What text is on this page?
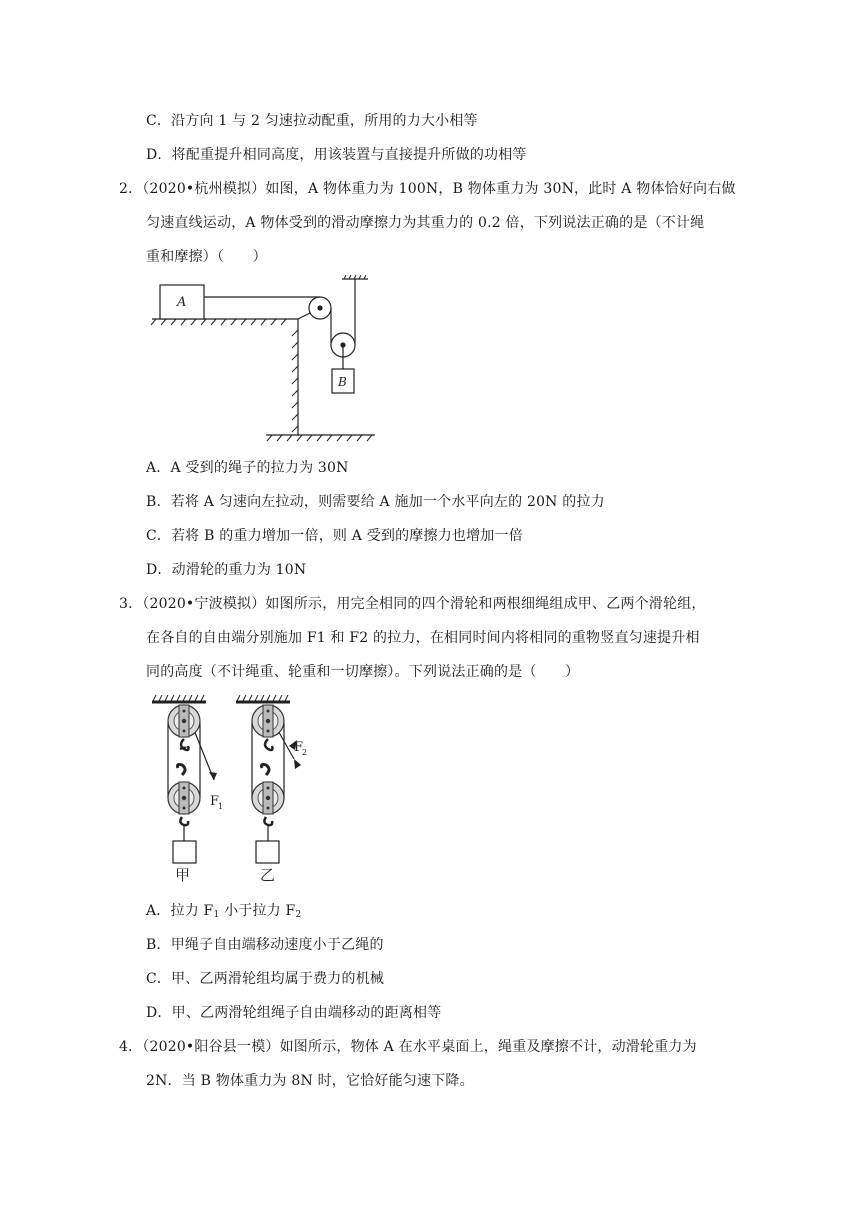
C．沿方向 1 与 2 匀速拉动配重，所用的力大小相等
D．将配重提升相同高度，用该装置与直接提升所做的功相等
2．（2020•杭州模拟）如图，A 物体重力为 100N，B 物体重力为 30N，此时 A 物体恰好向右做
匀速直线运动，A 物体受到的滑动摩擦力为其重力的 0.2 倍，下列说法正确的是（不计绳
重和摩擦）（　　）
A
B
A．A 受到的绳子的拉力为 30N
B．若将 A 匀速向左拉动，则需要给 A 施加一个水平向左的 20N 的拉力
C．若将 B 的重力增加一倍，则 A 受到的摩擦力也增加一倍
D．动滑轮的重力为 10N
3．（2020•宁波模拟）如图所示，用完全相同的四个滑轮和两根细绳组成甲、乙两个滑轮组，
在各自的自由端分别施加 F1 和 F2 的拉力，在相同时间内将相同的重物竖直匀速提升相
同的高度（不计绳重、轮重和一切摩擦）。下列说法正确的是（　　）
F
1
F
2
甲	乙
A．拉力 $F_1$ 小于拉力 $F_2$
B．甲绳子自由端移动速度小于乙绳的
C．甲、乙两滑轮组均属于费力的机械
D．甲、乙两滑轮组绳子自由端移动的距离相等
4．（2020•阳谷县一模）如图所示，物体 A 在水平桌面上，绳重及摩擦不计，动滑轮重力为
2N．当 B 物体重力为 8N 时，它恰好能匀速下降。
